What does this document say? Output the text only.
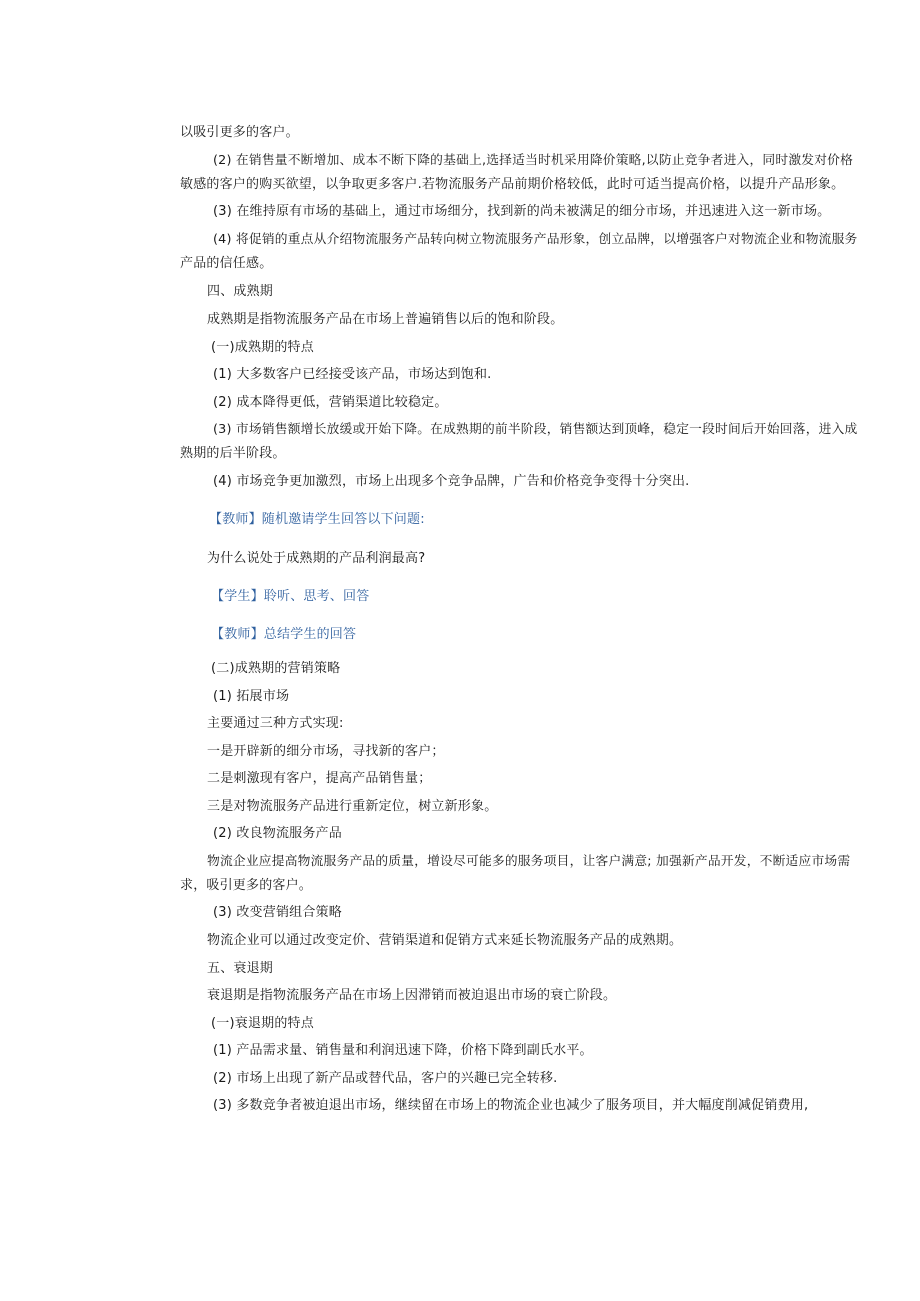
以吸引更多的客户。
(2) 在销售量不断增加、成本不断下降的基础上,选择适当时机采用降价策略,以防止竞争者进入，同时激发对价格
敏感的客户的购买欲望，以争取更多客户.若物流服务产品前期价格较低，此时可适当提高价格，以提升产品形象。
(3) 在维持原有市场的基础上，通过市场细分，找到新的尚未被满足的细分市场，并迅速进入这一新市场。
(4) 将促销的重点从介绍物流服务产品转向树立物流服务产品形象，创立品牌，以增强客户对物流企业和物流服务
产品的信任感。
四、成熟期
成熟期是指物流服务产品在市场上普遍销售以后的饱和阶段。
(一)成熟期的特点
(1) 大多数客户已经接受该产品，市场达到饱和.
(2) 成本降得更低，营销渠道比较稳定。
(3) 市场销售额增长放缓或开始下降。在成熟期的前半阶段，销售额达到顶峰，稳定一段时间后开始回落，进入成
熟期的后半阶段。
(4) 市场竞争更加激烈，市场上出现多个竞争品牌，广告和价格竞争变得十分突出.
【教师】随机邀请学生回答以下问题:
为什么说处于成熟期的产品利润最高?
【学生】聆听、思考、回答
【教师】总结学生的回答
(二)成熟期的营销策略
(1) 拓展市场
主要通过三种方式实现:
一是开辟新的细分市场，寻找新的客户；
二是刺激现有客户，提高产品销售量；
三是对物流服务产品进行重新定位，树立新形象。
(2) 改良物流服务产品
物流企业应提高物流服务产品的质量，增设尽可能多的服务项目，让客户满意; 加强新产品开发，不断适应市场需
求，吸引更多的客户。
(3) 改变营销组合策略
物流企业可以通过改变定价、营销渠道和促销方式来延长物流服务产品的成熟期。
五、衰退期
衰退期是指物流服务产品在市场上因滞销而被迫退出市场的衰亡阶段。
(一)衰退期的特点
(1) 产品需求量、销售量和利润迅速下降，价格下降到副氏水平。
(2) 市场上出现了新产品或替代品，客户的兴趣已完全转移.
(3) 多数竞争者被迫退出市场，继续留在市场上的物流企业也减少了服务项目，并大幅度削减促销费用,
